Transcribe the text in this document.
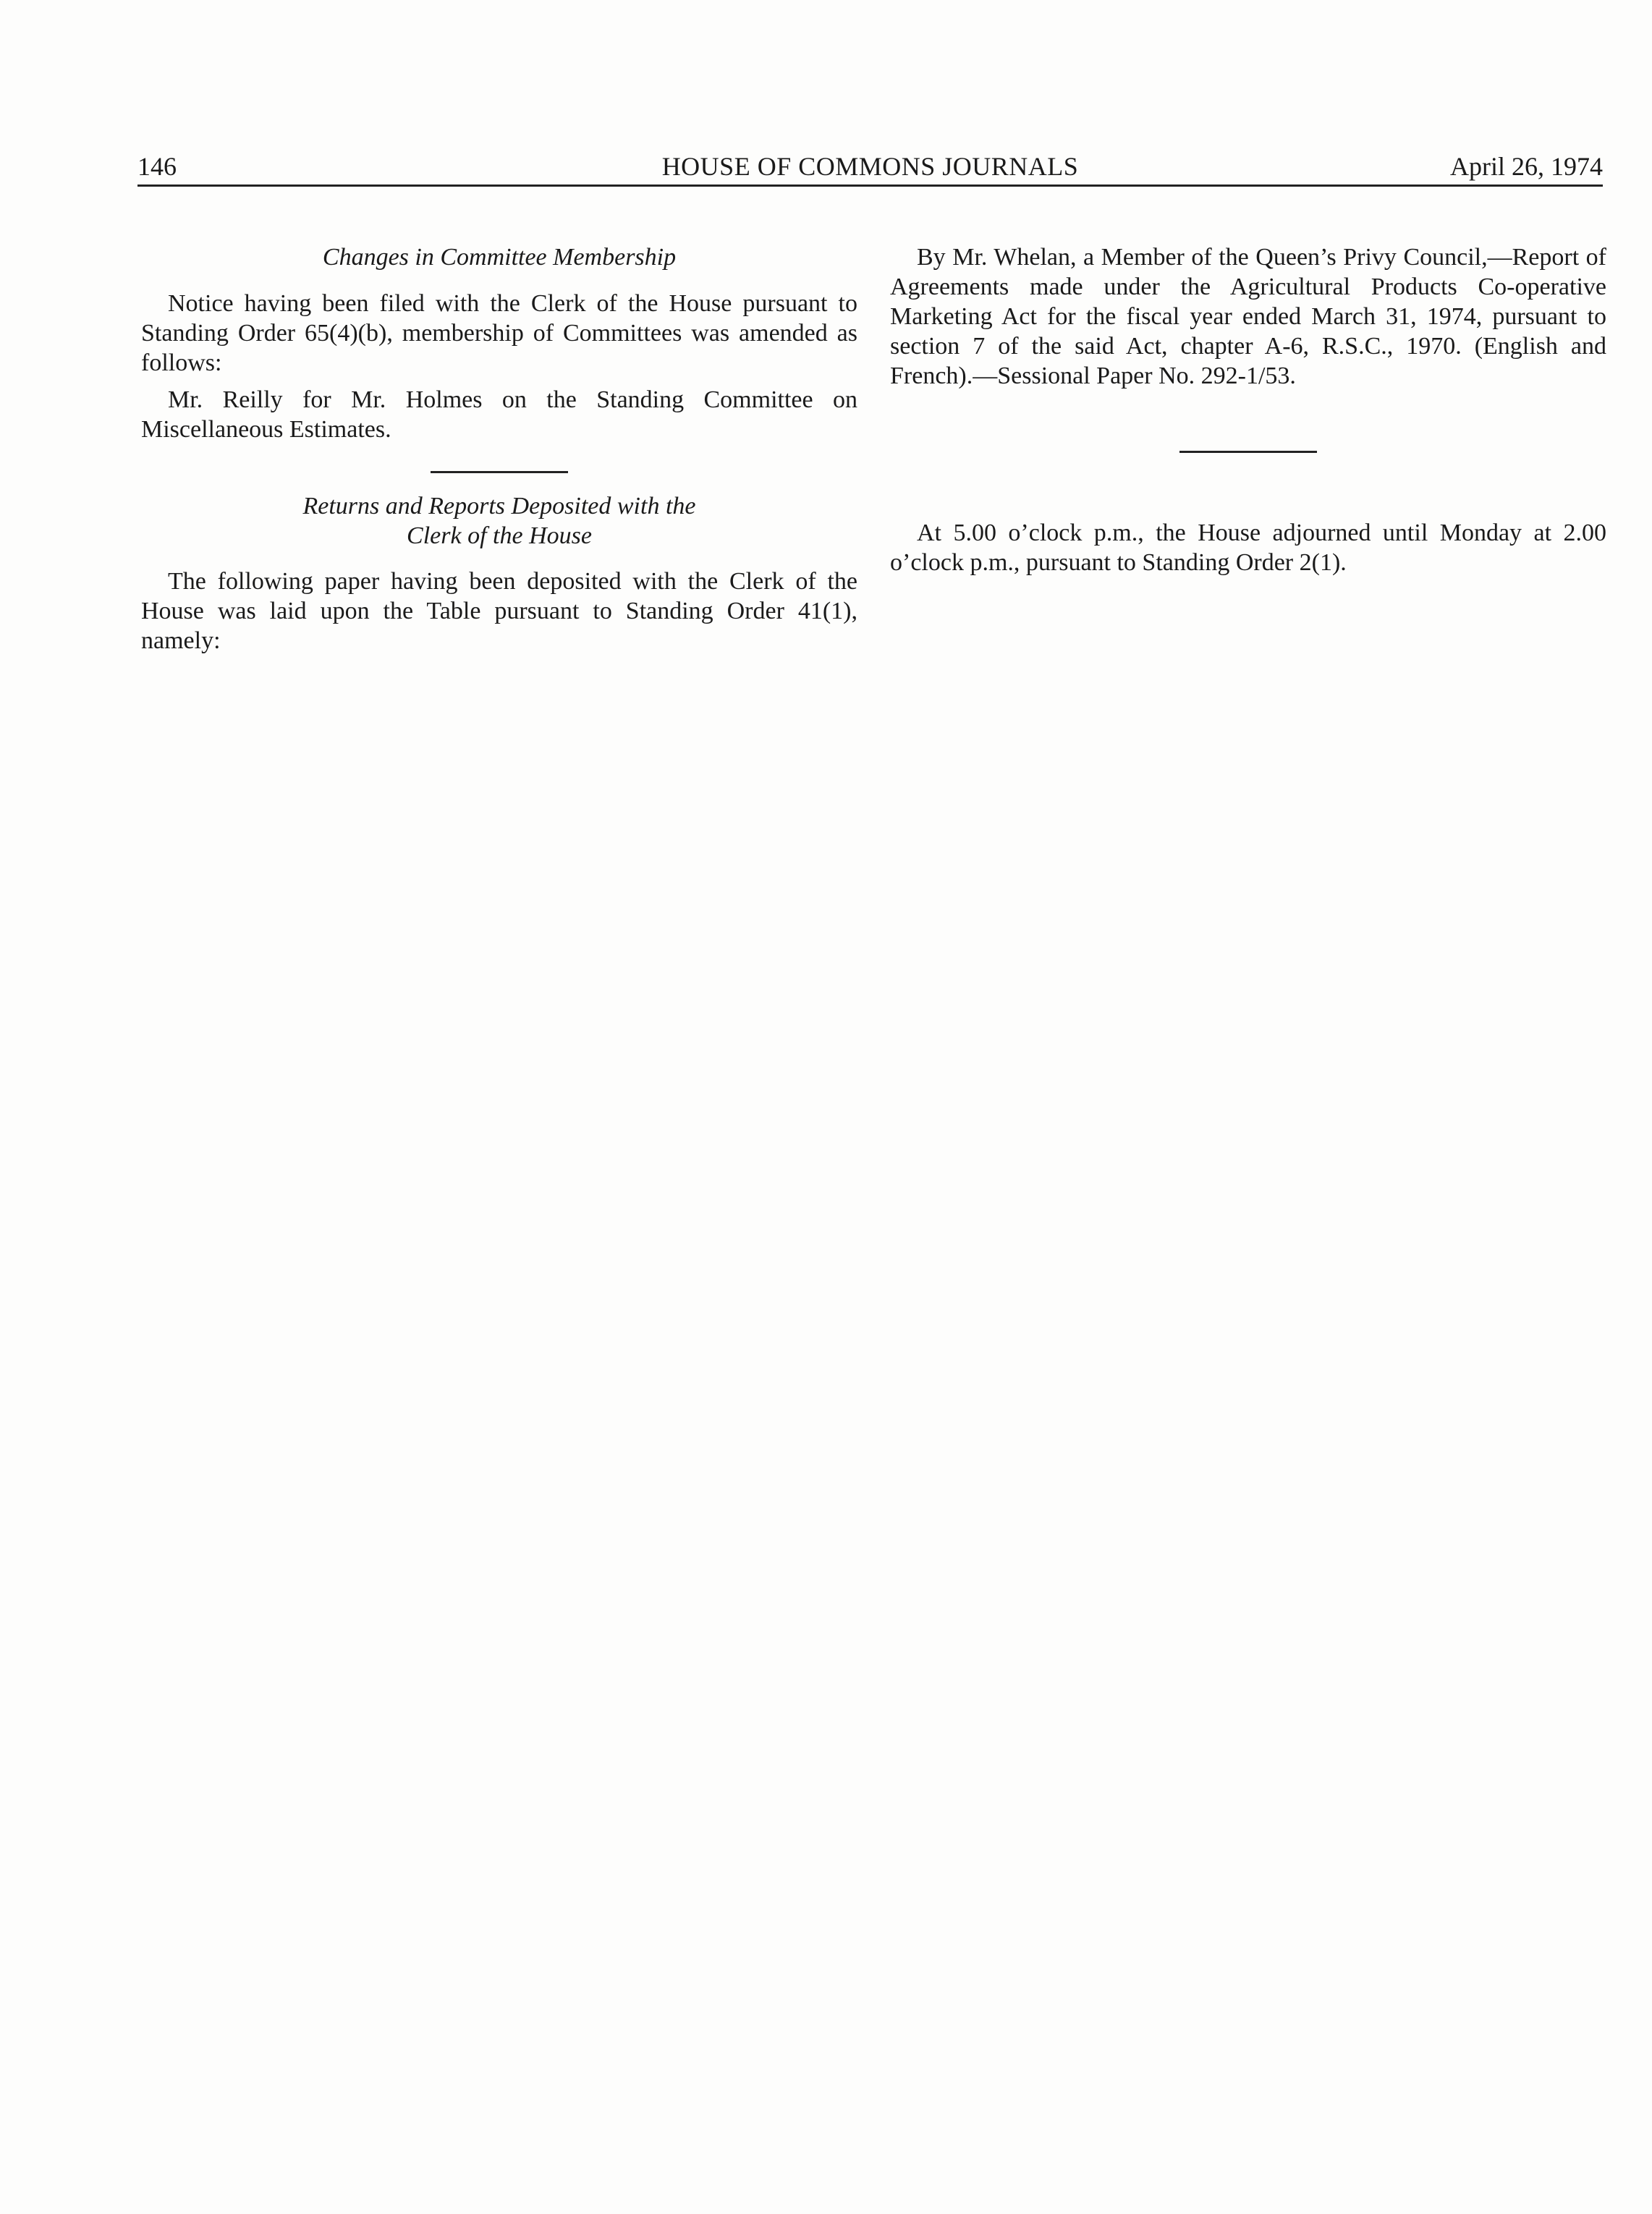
146	HOUSE OF COMMONS JOURNALS	April 26, 1974

Changes in Committee Membership

Notice having been filed with the Clerk of the House pursuant to Standing Order 65(4)(b), membership of Committees was amended as follows:

Mr. Reilly for Mr. Holmes on the Standing Committee on Miscellaneous Estimates.

Returns and Reports Deposited with the

Clerk of the House

The following paper having been deposited with the Clerk of the House was laid upon the Table pursuant to Standing Order 41(1), namely:

By Mr. Whelan, a Member of the Queen’s Privy Council,—Report of Agreements made under the Agricultural Products Co-operative Marketing Act for the fiscal year ended March 31, 1974, pursuant to section 7 of the said Act, chapter A-6, R.S.C., 1970. (English and French).—Sessional Paper No. 292-1/53.

At 5.00 o’clock p.m., the House adjourned until Monday at 2.00 o’clock p.m., pursuant to Standing Order 2(1).
